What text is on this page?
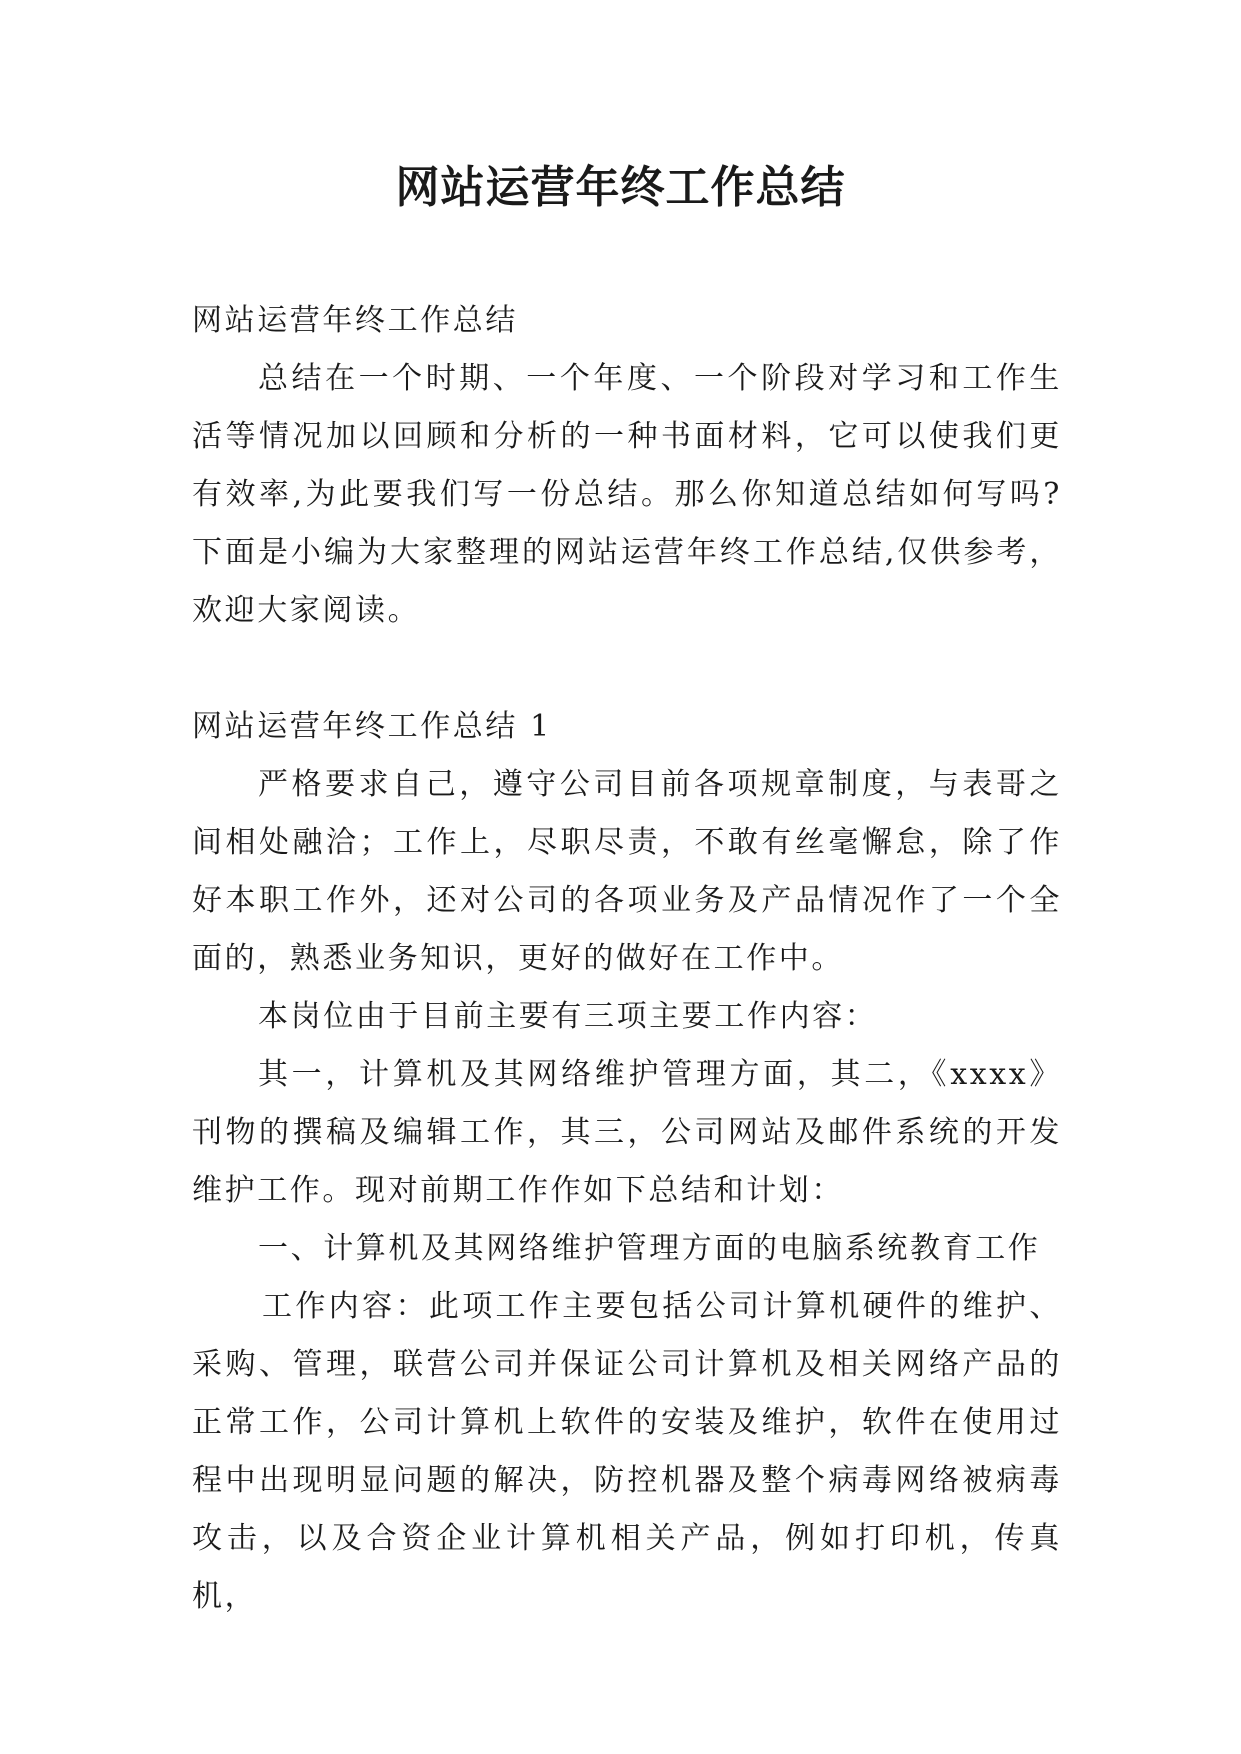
网站运营年终工作总结

网站运营年终工作总结

总结在一个时期、一个年度、一个阶段对学习和工作生活等情况加以回顾和分析的一种书面材料，它可以使我们更有效率,为此要我们写一份总结。那么你知道总结如何写吗?下面是小编为大家整理的网站运营年终工作总结,仅供参考，欢迎大家阅读。

网站运营年终工作总结 1

严格要求自己，遵守公司目前各项规章制度，与表哥之间相处融洽；工作上，尽职尽责，不敢有丝毫懈怠，除了作好本职工作外，还对公司的各项业务及产品情况作了一个全面的，熟悉业务知识，更好的做好在工作中。

本岗位由于目前主要有三项主要工作内容：

其一，计算机及其网络维护管理方面，其二，《xxxx》刊物的撰稿及编辑工作，其三，公司网站及邮件系统的开发维护工作。现对前期工作作如下总结和计划：

一、计算机及其网络维护管理方面的电脑系统教育工作

工作内容：此项工作主要包括公司计算机硬件的维护、采购、管理，联营公司并保证公司计算机及相关网络产品的正常工作，公司计算机上软件的安装及维护，软件在使用过程中出现明显问题的解决，防控机器及整个病毒网络被病毒攻击，以及合资企业计算机相关产品，例如打印机，传真机，
